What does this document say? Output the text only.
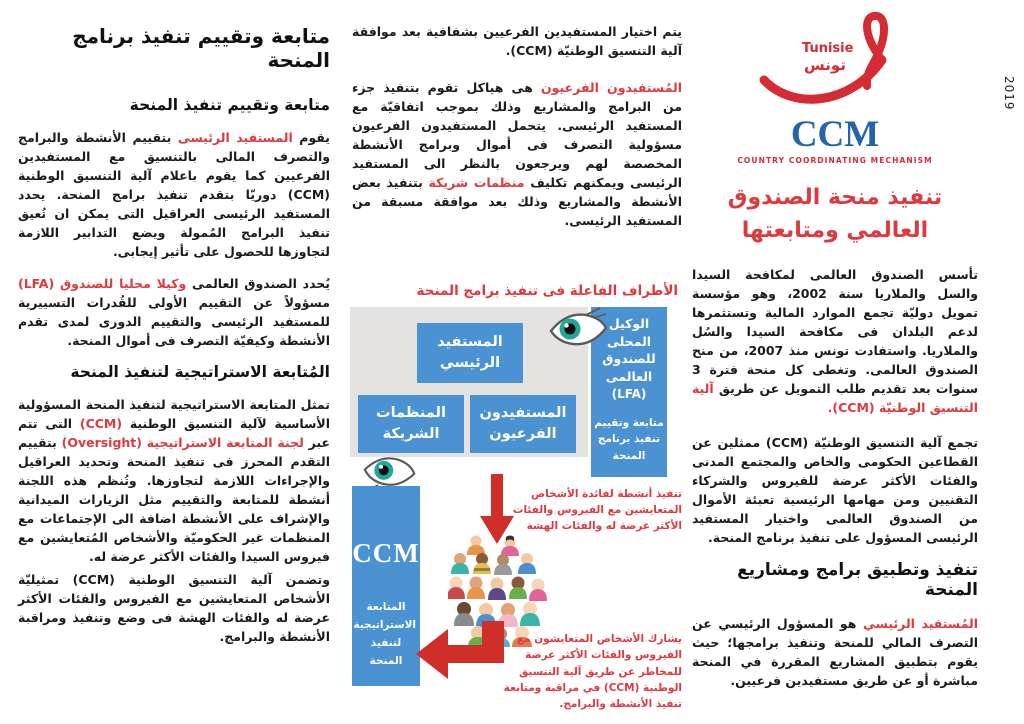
2019
متابعة وتقييم تنفيذ برنامج المنحة
متابعة وتقييم تنفيذ المنحة

يقوم المستفيد الرئيسى بتقييم الأنشطة والبرامج والتصرف المالى بالتنسيق مع المستفيدين الفرعيين كما يقوم باعلام آلية التنسيق الوطنية (CCM) دوريّا بتقدم تنفيذ برامج المنحة. يحدد المستفيد الرئيسى العراقيل التى يمكن ان تُعيق تنفيذ البرامج المُمولة ويضع التدابير اللازمة لتجاوزها للحصول على تأثير إيجابى.

يُحدد الصندوق العالمى وكيلا محليا للصندوق (LFA) مسؤولاً عن التقييم الأولى للقُدرات التسييرية للمستفيد الرئيسى والتقييم الدورى لمدى تقدم الأنشطة وكيفيّة التصرف فى أموال المنحة.

المُتابعة الاستراتيجية لتنفيذ المنحة

تمثل المتابعة الاستراتيجية لتنفيذ المنحة المسؤولية الأساسية لآلية التنسيق الوطنية (CCM) التى تتم عبر لجنة المتابعة الاستراتيجية (Oversight) بتقييم التقدم المحرز فى تنفيذ المنحة وتحديد العراقيل والإجراءات اللازمة لتجاوزها. وتُنظم هذه اللجنة أنشطة للمتابعة والتقييم مثل الزيارات الميدانية والإشراف على الأنشطة اضافة الى الإجتماعات مع المنظمات غير الحكوميّة والأشخاص المُتعايشين مع فيروس السيدا والفئات الأكثر عرضة له.

وتضمن آلية التنسيق الوطنية (CCM) تمثيليّة الأشخاص المتعايشين مع الفيروس والفئات الأكثر عرضة له والفئات الهشة فى وضع وتنفيذ ومراقبة الأنشطة والبرامج.

يتم اختيار المستفيدين الفرعيين بشفافية بعد موافقة آلية التنسيق الوطنيّة (CCM).

المُستفيدون الفرعيون هى هياكل تقوم بتنفيذ جزء من البرامج والمشاريع وذلك بموجب اتفاقيّة مع المستفيد الرئيسى. يتحمل المستفيدون الفرعيون مسؤولية التصرف فى أموال وبرامج الأنشطة المخصصة لهم ويرجعون بالنظر الى المستفيد الرئيسى ويمكنهم تكليف منظمات شريكة بتنفيذ بعض الأنشطة والمشاريع وذلك بعد موافقة مسبقة من المستفيد الرئيسى.

الأطراف الفاعلة فى تنفيذ برامج المنحة
المستفيد الرئيسي
المستفيدون الفرعيون
المنظمات الشريكة
الوكيل المحلى للصندوق العالمى
(LFA)
متابعة وتقييم تنفيذ برنامج المنحة
تنفيذ أنشطة لفائدة الأشخاص المتعايشين مع الفيروس والفئات الأكثر عرضة له والفئات الهشة
CCM
المتابعة الاستراتيجية لتنفيذ المنحة
يشارك الأشخاص المتعايشون مع الفيروس والفئات الأكثر عرضة للمخاطر عن طريق آلية التنسيق الوطنية (CCM) في مراقبة ومتابعة تنفيذ الأنشطة والبرامج.
Tunisie
تونس
CCM
COUNTRY COORDINATING MECHANISM
تنفيذ منحة الصندوق العالمي ومتابعتها

تأسس الصندوق العالمى لمكافحة السيدا والسل والملاريا سنة 2002، وهو مؤسسة تمويل دوليّة تجمع الموارد المالية وتستثمرها لدعم البلدان فى مكافحة السيدا والسُل والملاريا. واستفادت تونس منذ 2007، من منح الصندوق العالمى. وتغطى كل منحة فترة 3 سنوات بعد تقديم طلب التمويل عن طريق آلية التنسيق الوطنيّة (CCM).

تجمع آلية التنسيق الوطنيّة (CCM) ممثلين عن القطاعين الحكومى والخاص والمجتمع المدنى والفئات الأكثر عرضة للفيروس والشركاء التقنيين ومن مهامها الرئيسية تعبئة الأموال من الصندوق العالمى واختيار المستفيد الرئيسى المسؤول على تنفيذ برنامج المنحة.

تنفيذ وتطبيق برامج ومشاريع المنحة

المُستفيد الرئيسي هو المسؤول الرئيسي عن التصرف المالي للمنحة وتنفيذ برامجها؛ حيث يقوم بتطبيق المشاريع المقررة في المنحة مباشرة أو عن طريق مستفيدين فرعيين.
